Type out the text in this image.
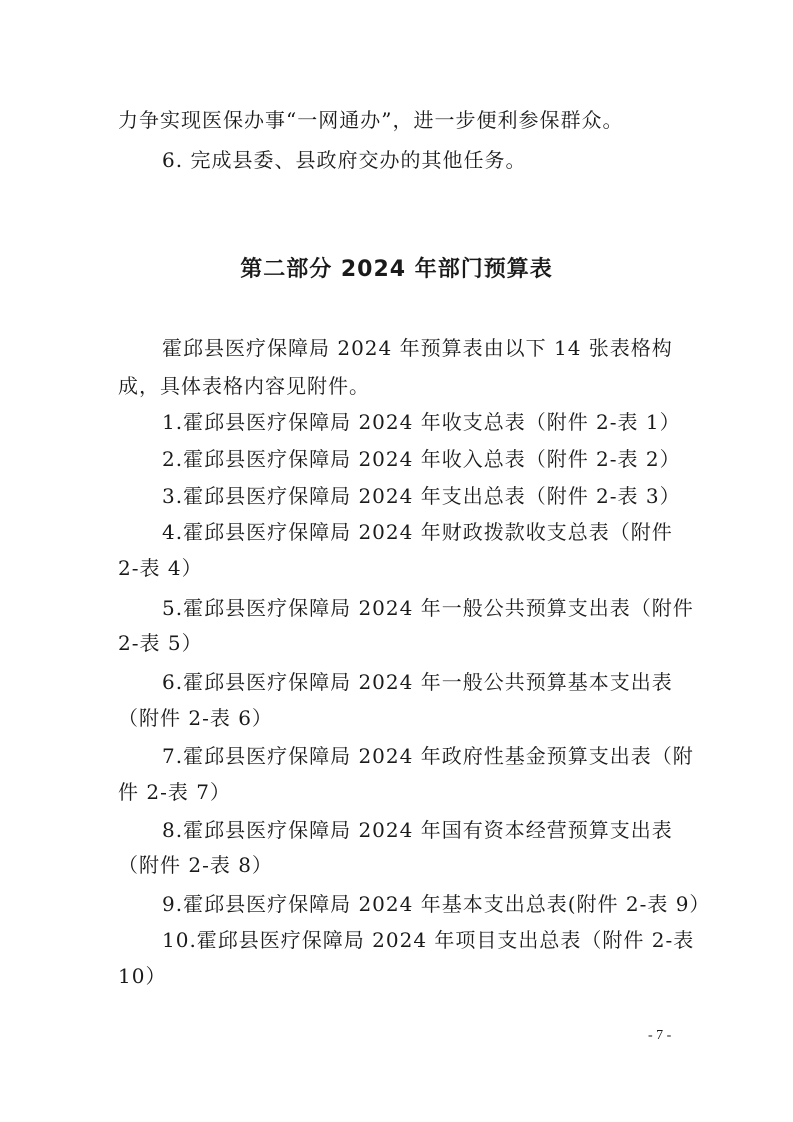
力争实现医保办事“一网通办”，进一步便利参保群众。
6. 完成县委、县政府交办的其他任务。
第二部分 2024 年部门预算表
霍邱县医疗保障局 2024 年预算表由以下 14 张表格构
成，具体表格内容见附件。
1.霍邱县医疗保障局 2024 年收支总表（附件 2-表 1）
2.霍邱县医疗保障局 2024 年收入总表（附件 2-表 2）
3.霍邱县医疗保障局 2024 年支出总表（附件 2-表 3）
4.霍邱县医疗保障局 2024 年财政拨款收支总表（附件
2-表 4）
5.霍邱县医疗保障局 2024 年一般公共预算支出表（附件
2-表 5）
6.霍邱县医疗保障局 2024 年一般公共预算基本支出表
（附件 2-表 6）
7.霍邱县医疗保障局 2024 年政府性基金预算支出表（附
件 2-表 7）
8.霍邱县医疗保障局 2024 年国有资本经营预算支出表
（附件 2-表 8）
9.霍邱县医疗保障局 2024 年基本支出总表(附件 2-表 9）
10.霍邱县医疗保障局 2024 年项目支出总表（附件 2-表
10）
- 7 -
